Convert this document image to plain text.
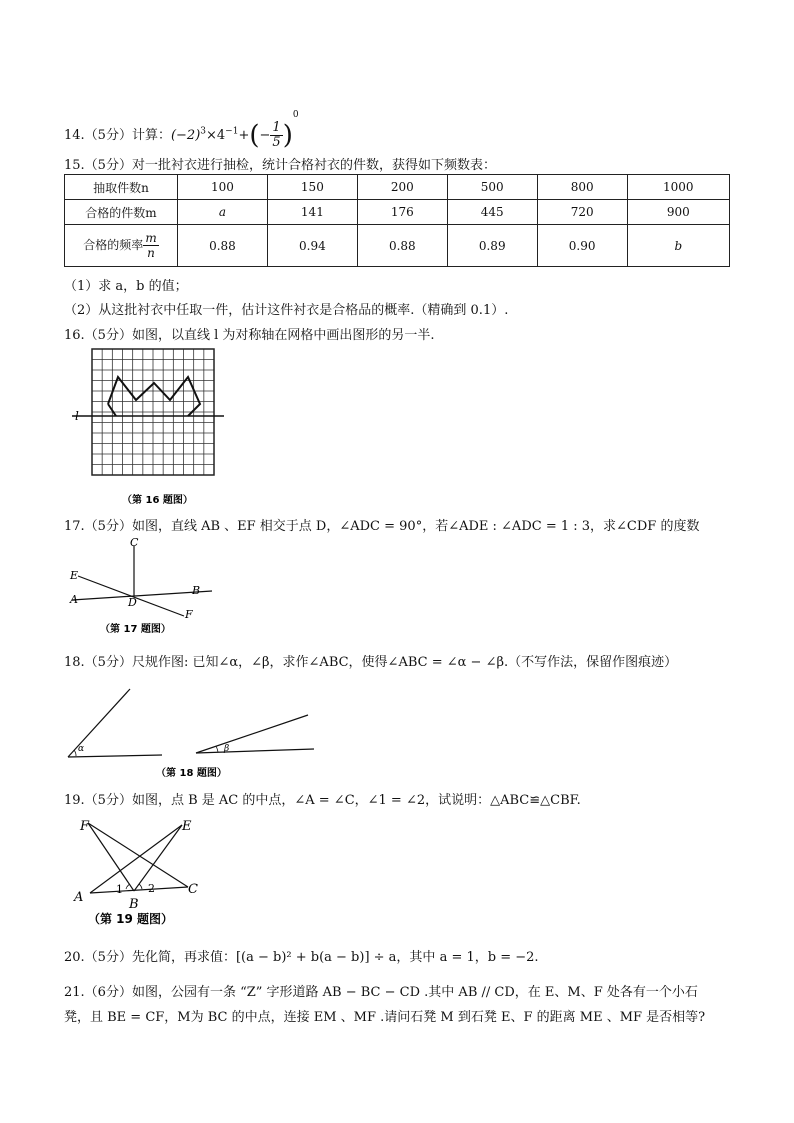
14.（5分）计算：$(-2)^3\times 4^{-1}+(- \frac{1}{5} )^0$
15.（5分）对一批衬衣进行抽检，统计合格衬衣的件数，获得如下频数表：
抽取件数n	100	150	200	500	800	1000
合格的件数m	a	141	176	445	720	900
合格的频率 $\frac{m}{n}$	0.88	0.94	0.88	0.89	0.90	b
（1）求 a，b 的值；
（2）从这批衬衣中任取一件，估计这件衬衣是合格品的概率.（精确到 0.1）.
16.（5分）如图，以直线 l 为对称轴在网格中画出图形的另一半.
l
（第 16 题图）
17.（5分）如图，直线 AB 、EF 相交于点 D，∠ADC = 90°，若∠ADE : ∠ADC = 1 : 3，求∠CDF 的度数
C
E
A	D
B
F
（第 17 题图）
18.（5分）尺规作图: 已知∠α，∠β，求作∠ABC，使得∠ABC = ∠α − ∠β.（不写作法，保留作图痕迹）
α	β
（第 18 题图）
19.（5分）如图，点 B 是 AC 的中点，∠A = ∠C，∠1 = ∠2，试说明：△ABC≌△CBF.
F	E
A	B
C
1 2
（第 19 题图）
20.（5分）先化简，再求值：[(a − b)² + b(a − b)] ÷ a，其中 a = 1，b = −2.
21.（6分）如图，公园有一条 “Z” 字形道路 AB − BC − CD .其中 AB // CD，在 E、M、F 处各有一个小石
凳，且 BE = CF，M为 BC 的中点，连接 EM 、MF .请问石凳 M 到石凳 E、F 的距离 ME 、MF 是否相等?
